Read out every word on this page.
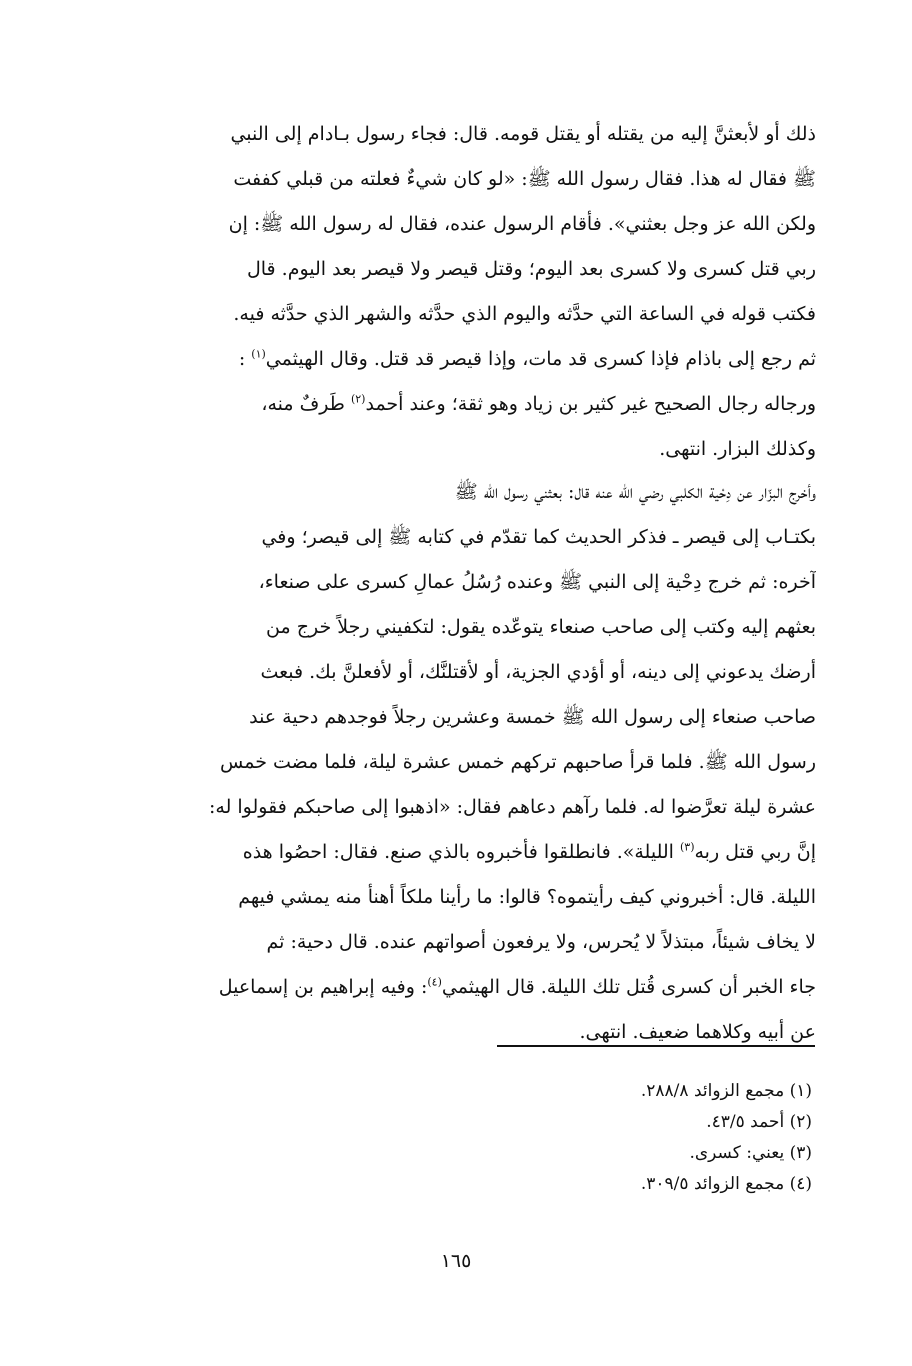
ذلك أو لأبعثنَّ إليه من يقتله أو يقتل قومه. قال: فجاء رسول بـادام إلى النبي
ﷺ فقال له هذا. فقال رسول الله ﷺ: «لو كان شيءٌ فعلته من قبلي كففت
ولكن الله عز وجل بعثني». فأقام الرسول عنده، فقال له رسول الله ﷺ: إن
ربي قتل كسرى ولا كسرى بعد اليوم؛ وقتل قيصر ولا قيصر بعد اليوم. قال
فكتب قوله في الساعة التي حدَّثه واليوم الذي حدَّثه والشهر الذي حدَّثه فيه.
ثم رجع إلى باذام فإذا كسرى قد مات، وإذا قيصر قد قتل. وقال الهيثمي$^{(١)}$ :
ورجاله رجال الصحيح غير كثير بن زياد وهو ثقة؛ وعند أحمد$^{(٢)}$ طَرفٌ منه،
وكذلك البزار. انتهى.
وأخرج البزّار عن دِحْية الكلبي رضي الله عنه قال: بعثني رسول الله ﷺ
بكتـاب إلى قيصر ـ فذكر الحديث كما تقدّم في كتابه ﷺ إلى قيصر؛ وفي
آخره: ثم خرج دِحْية إلى النبي ﷺ وعنده رُسُلُ عمالِ كسرى على صنعاء،
بعثهم إليه وكتب إلى صاحب صنعاء يتوعّده يقول: لتكفيني رجلاً خرج من
أرضك يدعوني إلى دينه، أو أؤدي الجزية، أو لأقتلنَّك، أو لأفعلنَّ بك. فبعث
صاحب صنعاء إلى رسول الله ﷺ خمسة وعشرين رجلاً فوجدهم دحية عند
رسول الله ﷺ. فلما قرأ صاحبهم تركهم خمس عشرة ليلة، فلما مضت خمس
عشرة ليلة تعرَّضوا له. فلما رآهم دعاهم فقال: «اذهبوا إلى صاحبكم فقولوا له:
إنَّ ربي قتل ربه$^{(٣)}$ الليلة». فانطلقوا فأخبروه بالذي صنع. فقال: احصُوا هذه
الليلة. قال: أخبروني كيف رأيتموه؟ قالوا: ما رأينا ملكاً أهنأ منه يمشي فيهم
لا يخاف شيئاً، مبتذلاً لا يُحرس، ولا يرفعون أصواتهم عنده. قال دحية: ثم
جاء الخبر أن كسرى قُتل تلك الليلة. قال الهيثمي$^{(٤)}$: وفيه إبراهيم بن إسماعيل
عن أبيه وكلاهما ضعيف. انتهى.
(١) مجمع الزوائد ٢٨٨/٨.
(٢) أحمد ٤٣/٥.
(٣) يعني: كسرى.
(٤) مجمع الزوائد ٣٠٩/٥.
١٦٥
